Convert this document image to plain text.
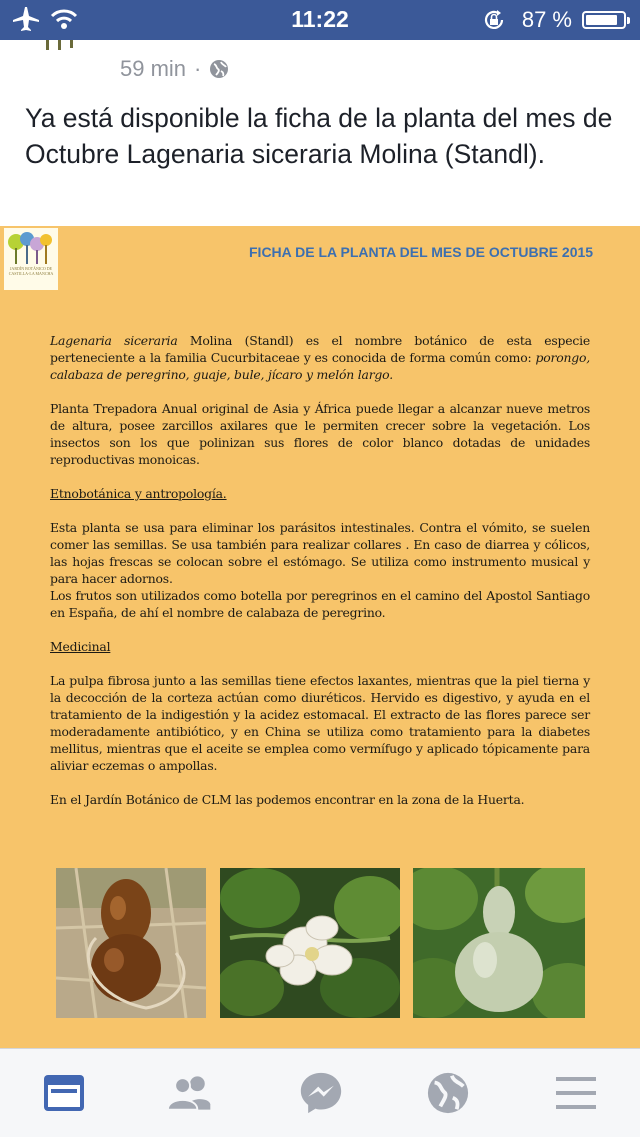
11:22	87 %
59 min ·
Ya está disponible la ficha de la planta del mes de Octubre Lagenaria siceraria Molina (Standl).
JARDÍN BOTÁNICO DE CASTILLA-LA MANCHA
FICHA DE LA PLANTA DEL MES DE OCTUBRE 2015

Lagenaria siceraria Molina (Standl) es el nombre botánico de esta especie perteneciente a la familia Cucurbitaceae y es conocida de forma común como: porongo, calabaza de peregrino, guaje, bule, jícaro y melón largo.

Planta Trepadora Anual original de Asia y África puede llegar a alcanzar nueve metros de altura, posee zarcillos axilares que le permiten crecer sobre la vegetación. Los insectos son los que polinizan sus flores de color blanco dotadas de unidades reproductivas monoicas.

Etnobotánica y antropología.

Esta planta se usa para eliminar los parásitos intestinales. Contra el vómito, se suelen comer las semillas. Se usa también para realizar collares . En caso de diarrea y cólicos, las hojas frescas se colocan sobre el estómago. Se utiliza como instrumento musical y para hacer adornos.

Los frutos son utilizados como botella por peregrinos en el camino del Apostol Santiago en España, de ahí el nombre de calabaza de peregrino.

Medicinal

La pulpa fibrosa junto a las semillas tiene efectos laxantes, mientras que la piel tierna y la decocción de la corteza actúan como diuréticos. Hervido es digestivo, y ayuda en el tratamiento de la indigestión y la acidez estomacal. El extracto de las flores parece ser moderadamente antibiótico, y en China se utiliza como tratamiento para la diabetes mellitus, mientras que el aceite se emplea como vermífugo y aplicado tópicamente para aliviar eczemas o ampollas.

En el Jardín Botánico de CLM las podemos encontrar en la zona de la Huerta.
